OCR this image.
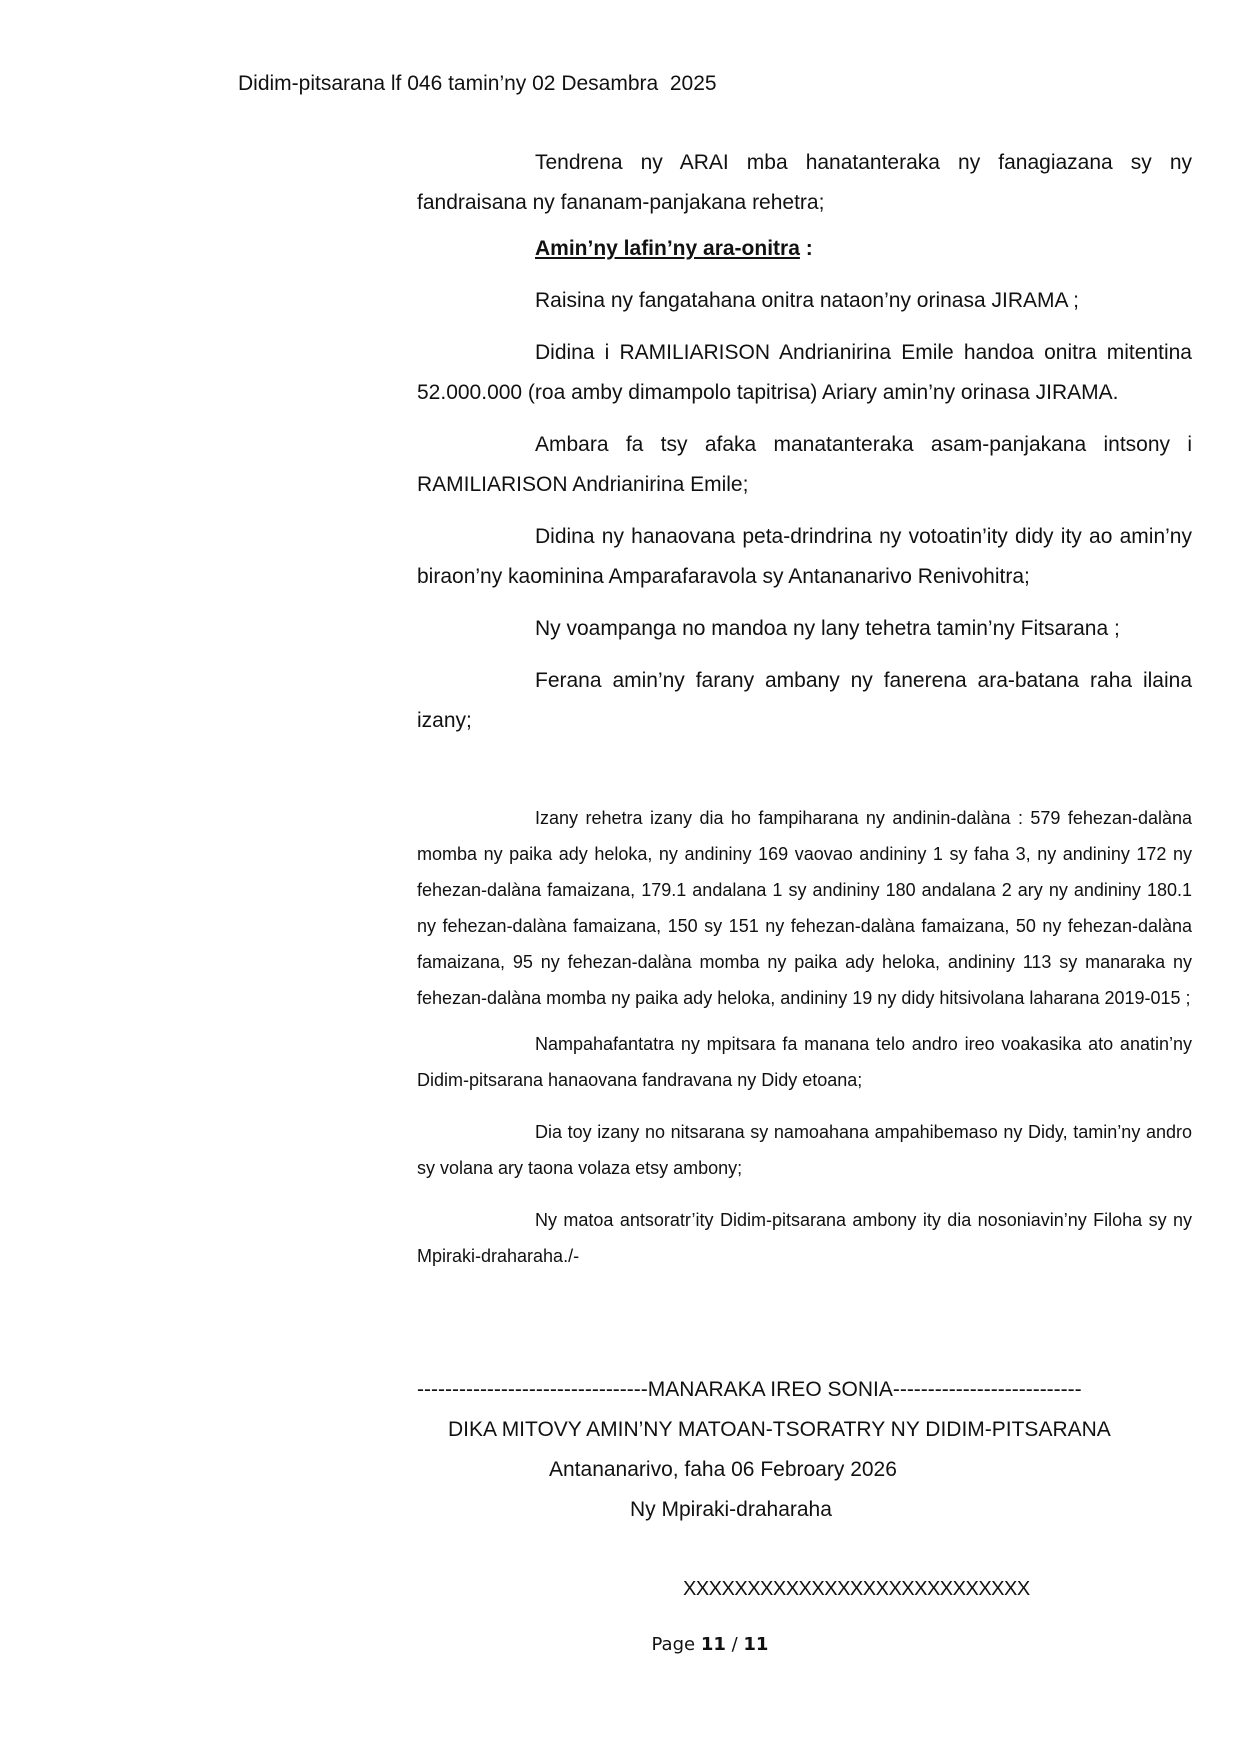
Didim-pitsarana lf 046 tamin’ny 02 Desambra  2025

Tendrena ny ARAI mba hanatanteraka ny fanagiazana sy ny fandraisana ny fananam-panjakana rehetra;

Amin’ny lafin’ny ara-onitra :

Raisina ny fangatahana onitra nataon’ny orinasa JIRAMA ;

Didina i RAMILIARISON Andrianirina Emile handoa onitra mitentina 52.000.000 (roa amby dimampolo tapitrisa) Ariary amin’ny orinasa JIRAMA.

Ambara fa tsy afaka manatanteraka asam-panjakana intsony i RAMILIARISON Andrianirina Emile;

Didina ny hanaovana peta-drindrina ny votoatin’ity didy ity ao amin’ny biraon’ny kaominina Amparafaravola sy Antananarivo Renivohitra;

Ny voampanga no mandoa ny lany tehetra tamin’ny Fitsarana ;

Ferana amin’ny farany ambany ny fanerena ara-batana raha ilaina izany;

Izany rehetra izany dia ho fampiharana ny andinin-dalàna : 579 fehezan-dalàna momba ny paika ady heloka, ny andininy 169 vaovao andininy 1 sy faha 3, ny andininy 172 ny fehezan-dalàna famaizana, 179.1 andalana 1 sy andininy 180 andalana 2 ary ny andininy 180.1 ny fehezan-dalàna famaizana, 150 sy 151 ny fehezan-dalàna famaizana, 50 ny fehezan-dalàna famaizana, 95 ny fehezan-dalàna momba ny paika ady heloka, andininy 113 sy manaraka ny fehezan-dalàna momba ny paika ady heloka, andininy 19 ny didy hitsivolana laharana 2019-015 ;

Nampahafantatra ny mpitsara fa manana telo andro ireo voakasika ato anatin’ny Didim-pitsarana hanaovana fandravana ny Didy etoana;

Dia toy izany no nitsarana sy namoahana ampahibemaso ny Didy, tamin’ny andro sy volana ary taona volaza etsy ambony;

Ny matoa antsoratr’ity Didim-pitsarana ambony ity dia nosoniavin’ny Filoha sy ny Mpiraki-draharaha./-

---------------------------------MANARAKA IREO SONIA---------------------------
DIKA MITOVY AMIN’NY MATOAN-TSORATRY NY DIDIM-PITSARANA
Antananarivo, faha 06 Febroary 2026
Ny Mpiraki-draharaha
XXXXXXXXXXXXXXXXXXXXXXXXXXX
Page 11 / 11
